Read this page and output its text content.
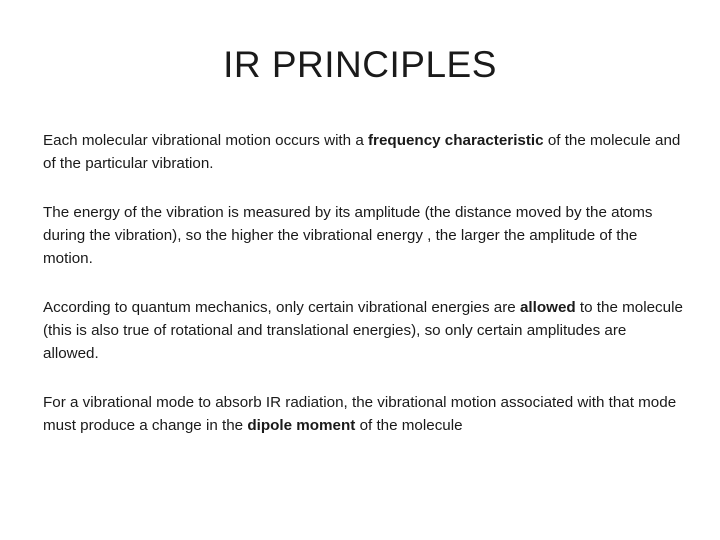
IR PRINCIPLES

Each molecular vibrational motion occurs with a frequency characteristic of the molecule and of the particular vibration.

The energy of the vibration is measured by its amplitude (the distance moved by the atoms during the vibration), so the higher the vibrational energy , the larger the amplitude of the motion.

According to quantum mechanics, only certain vibrational energies are allowed to the molecule (this is also true of rotational and translational energies), so only certain amplitudes are allowed.

For a vibrational mode to absorb IR radiation, the vibrational motion associated with that mode must produce a change in the dipole moment of the molecule
